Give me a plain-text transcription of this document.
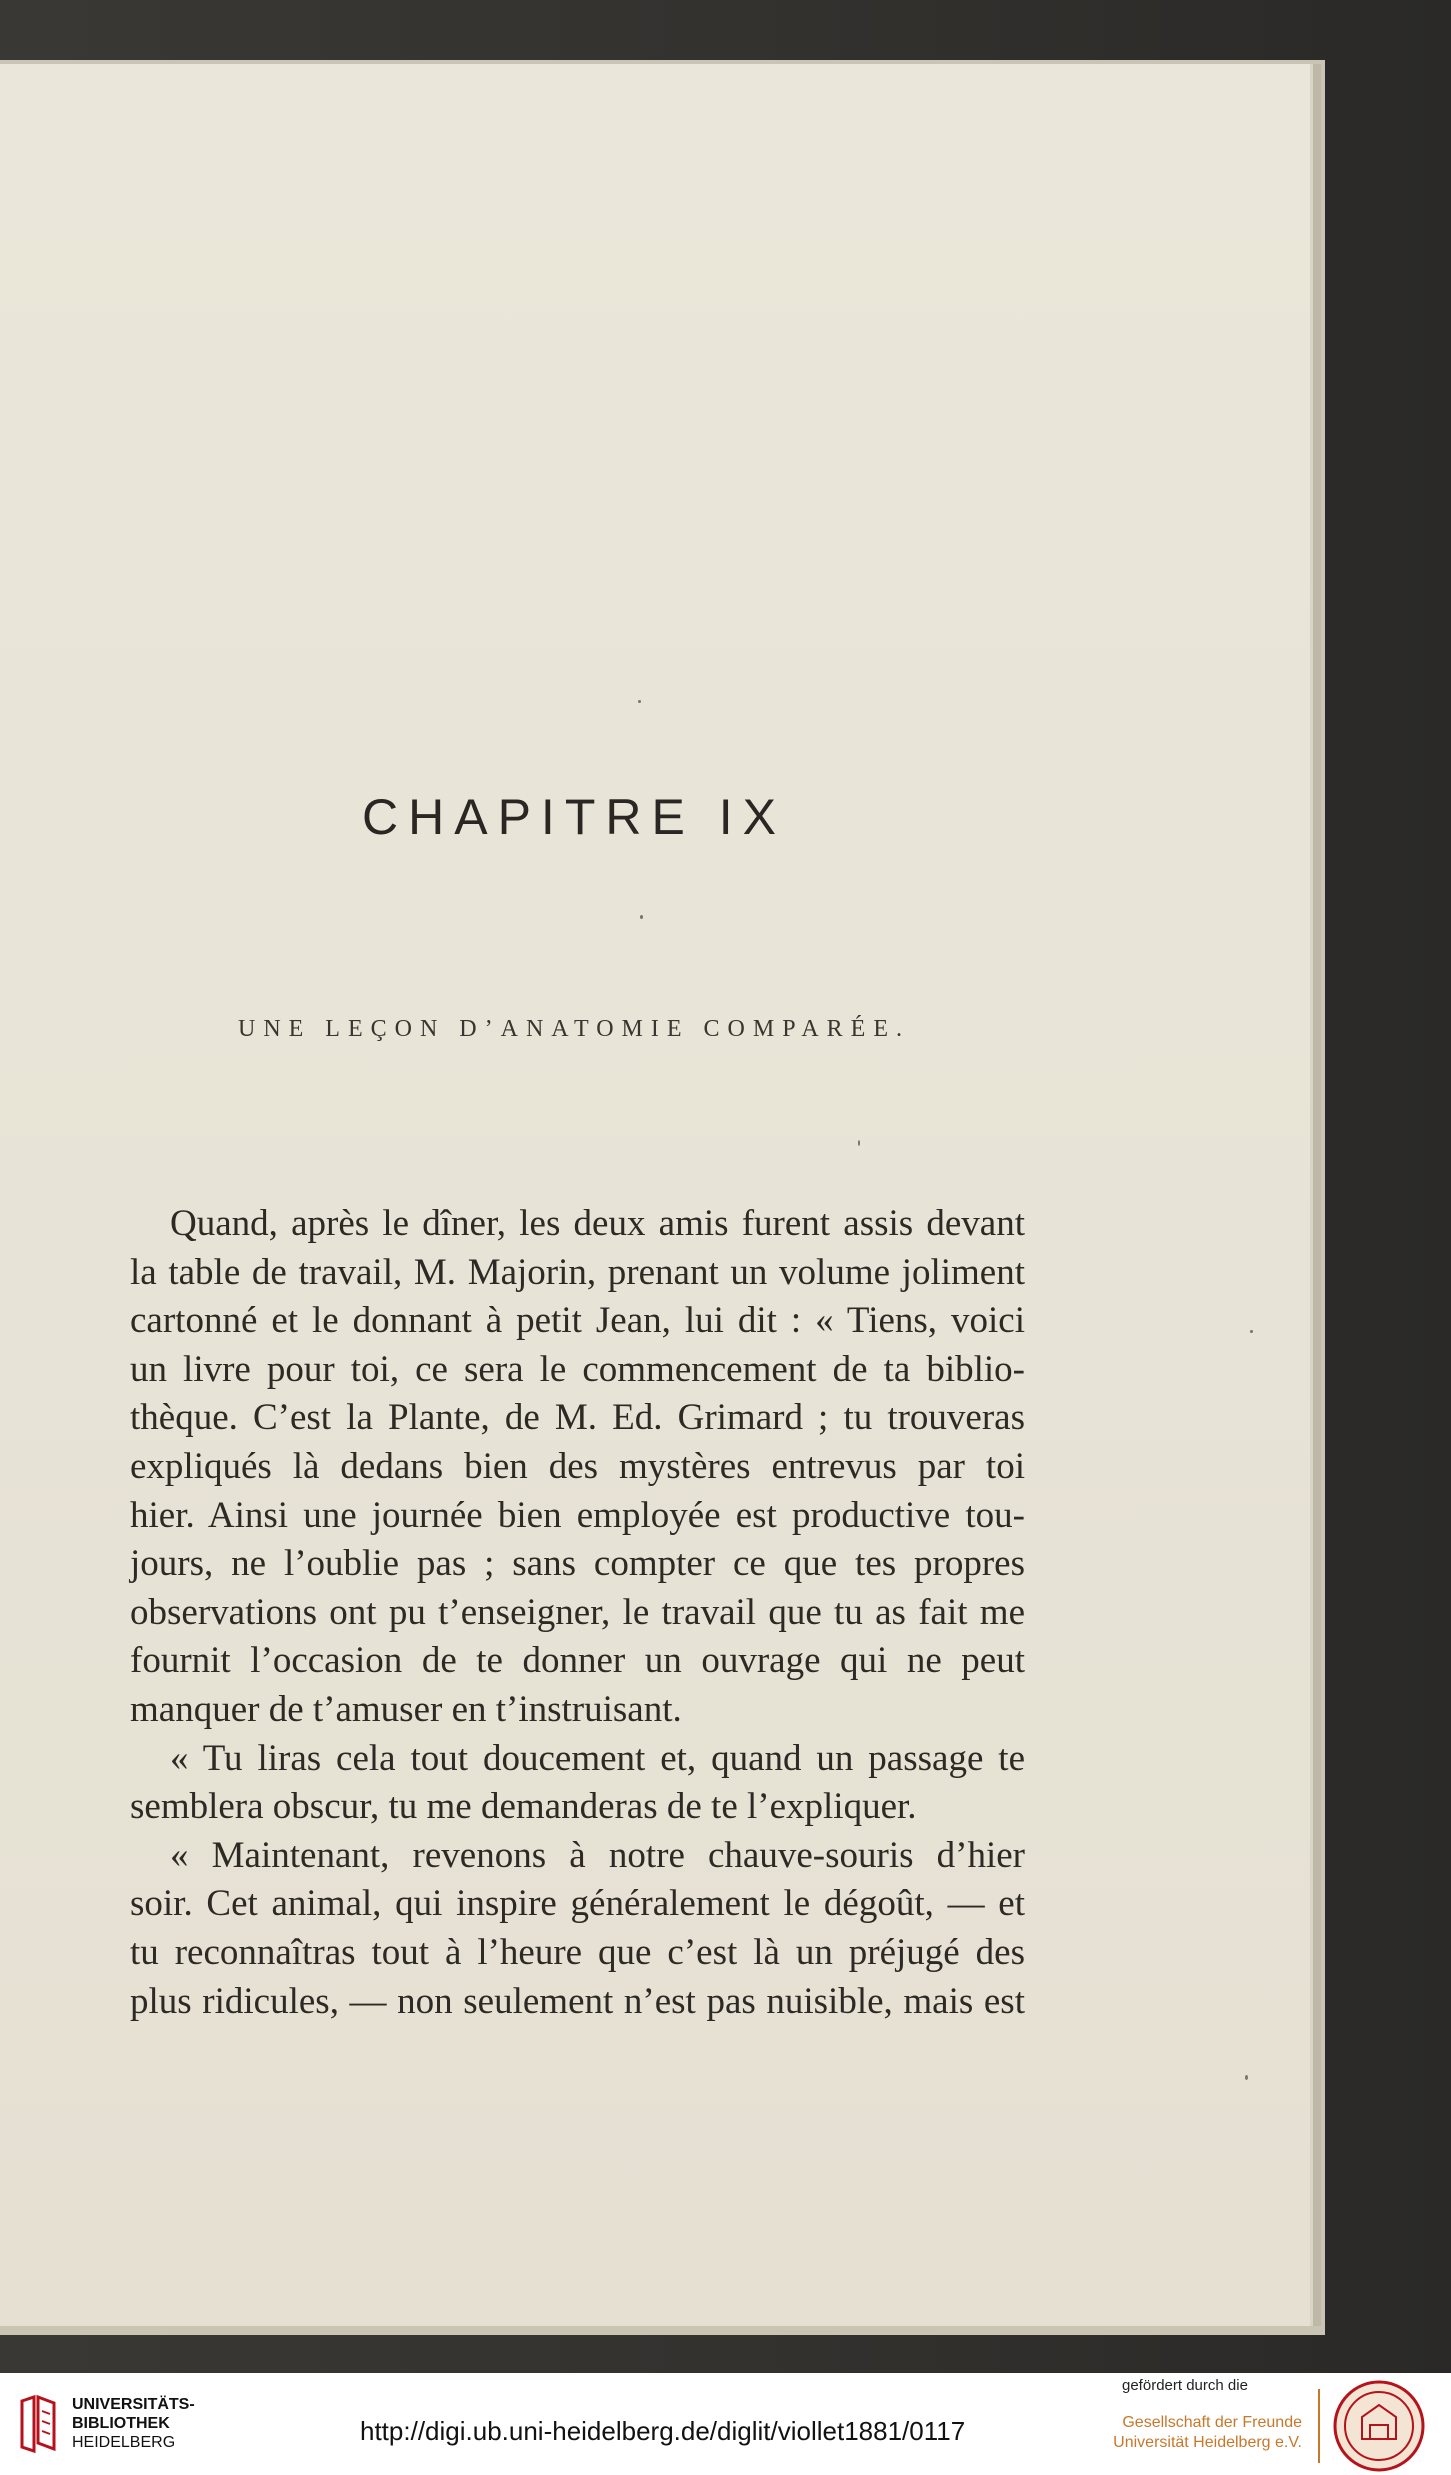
CHAPITRE IX
UNE LEÇON D’ANATOMIE COMPARÉE.
Quand, après le dîner, les deux amis furent assis devant
la table de travail, M. Majorin, prenant un volume joliment
cartonné et le donnant à petit Jean, lui dit : « Tiens, voici
un livre pour toi, ce sera le commencement de ta biblio-
thèque. C’est la Plante, de M. Ed. Grimard ; tu trouveras
expliqués là dedans bien des mystères entrevus par toi
hier. Ainsi une journée bien employée est productive tou-
jours, ne l’oublie pas ; sans compter ce que tes propres
observations ont pu t’enseigner, le travail que tu as fait me
fournit l’occasion de te donner un ouvrage qui ne peut
manquer de t’amuser en t’instruisant.
« Tu liras cela tout doucement et, quand un passage te
semblera obscur, tu me demanderas de te l’expliquer.
« Maintenant, revenons à notre chauve-souris d’hier
soir. Cet animal, qui inspire généralement le dégoût, — et
tu reconnaîtras tout à l’heure que c’est là un préjugé des
plus ridicules, — non seulement n’est pas nuisible, mais est
UNIVERSITÄTS-
BIBLIOTHEK
HEIDELBERG	http://digi.ub.uni-heidelberg.de/diglit/viollet1881/0117
gefördert durch die
Gesellschaft der Freunde
Universität Heidelberg e.V.
